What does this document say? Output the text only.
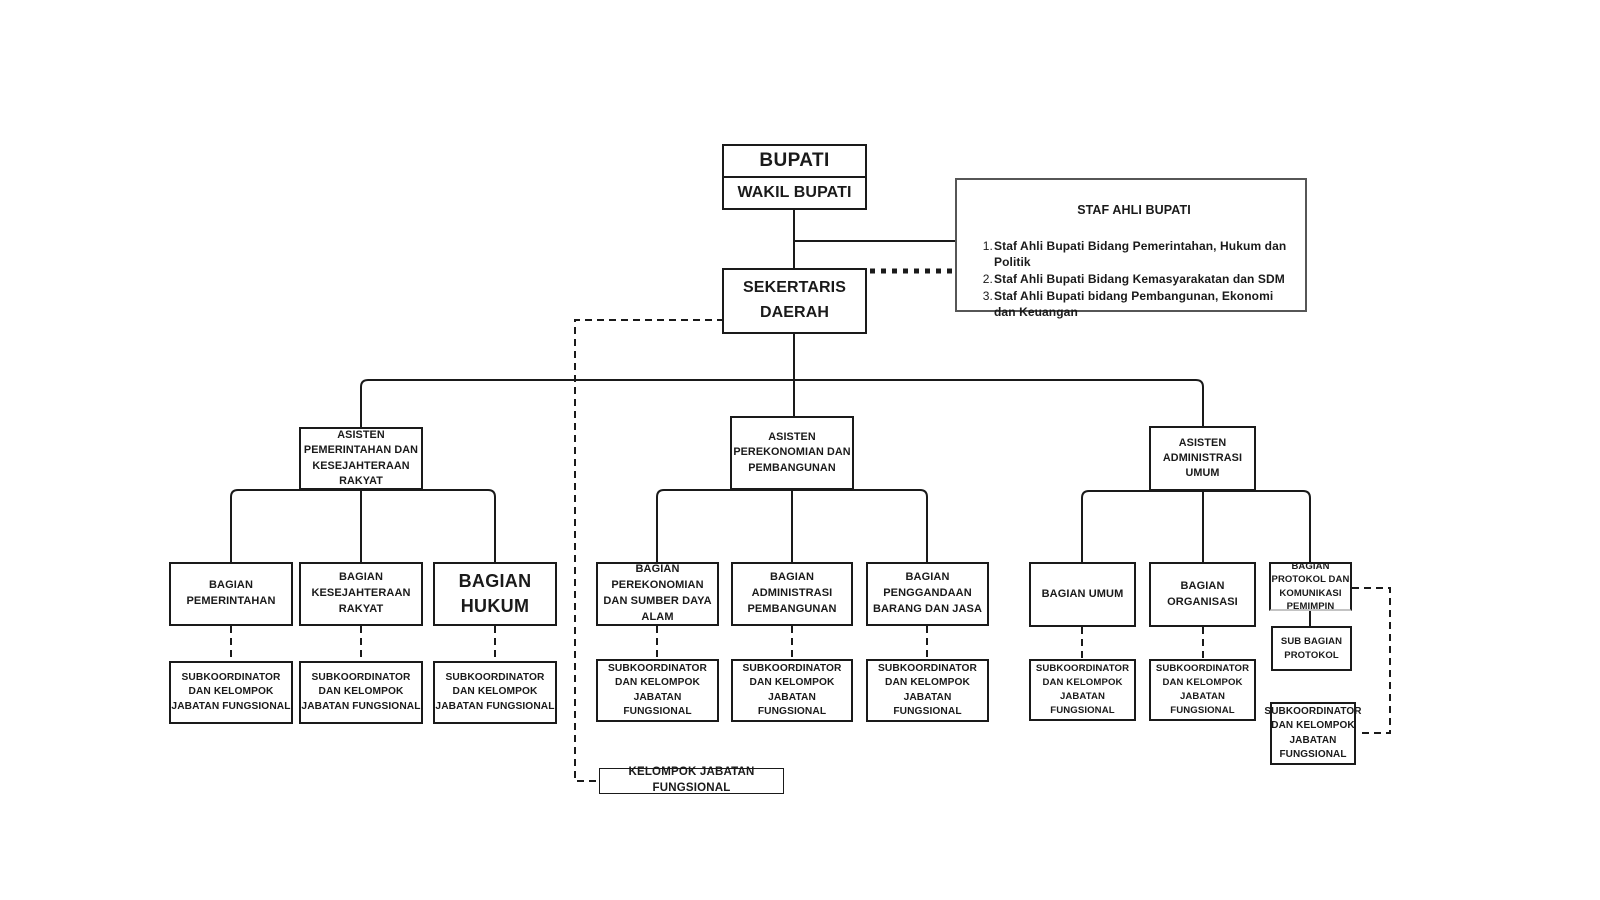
BUPATI
WAKIL BUPATI
STAF AHLI BUPATI
1. Staf Ahli Bupati Bidang Pemerintahan, Hukum dan Politik
2. Staf Ahli Bupati Bidang Kemasyarakatan dan SDM
3. Staf Ahli Bupati bidang Pembangunan, Ekonomi dan Keuangan
SEKERTARIS DAERAH
ASISTEN PEMERINTAHAN DAN KESEJAHTERAAN RAKYAT
ASISTEN PEREKONOMIAN DAN PEMBANGUNAN
ASISTEN ADMINISTRASI UMUM
BAGIAN PEMERINTAHAN
BAGIAN KESEJAHTERAAN RAKYAT
BAGIAN HUKUM
BAGIAN PEREKONOMIAN DAN SUMBER DAYA ALAM
BAGIAN ADMINISTRASI PEMBANGUNAN
BAGIAN PENGGANDAAN BARANG DAN JASA
BAGIAN UMUM
BAGIAN ORGANISASI
BAGIAN PROTOKOL DAN KOMUNIKASI PEMIMPIN
SUB BAGIAN PROTOKOL
SUBKOORDINATOR DAN KELOMPOK JABATAN FUNGSIONAL
SUBKOORDINATOR DAN KELOMPOK JABATAN FUNGSIONAL
SUBKOORDINATOR DAN KELOMPOK JABATAN FUNGSIONAL
SUBKOORDINATOR DAN KELOMPOK JABATAN FUNGSIONAL
SUBKOORDINATOR DAN KELOMPOK JABATAN FUNGSIONAL
SUBKOORDINATOR DAN KELOMPOK JABATAN FUNGSIONAL
SUBKOORDINATOR DAN KELOMPOK JABATAN FUNGSIONAL
SUBKOORDINATOR DAN KELOMPOK JABATAN FUNGSIONAL	SUBKOORDINATOR DAN KELOMPOK JABATAN FUNGSIONAL
KELOMPOK JABATAN FUNGSIONAL
